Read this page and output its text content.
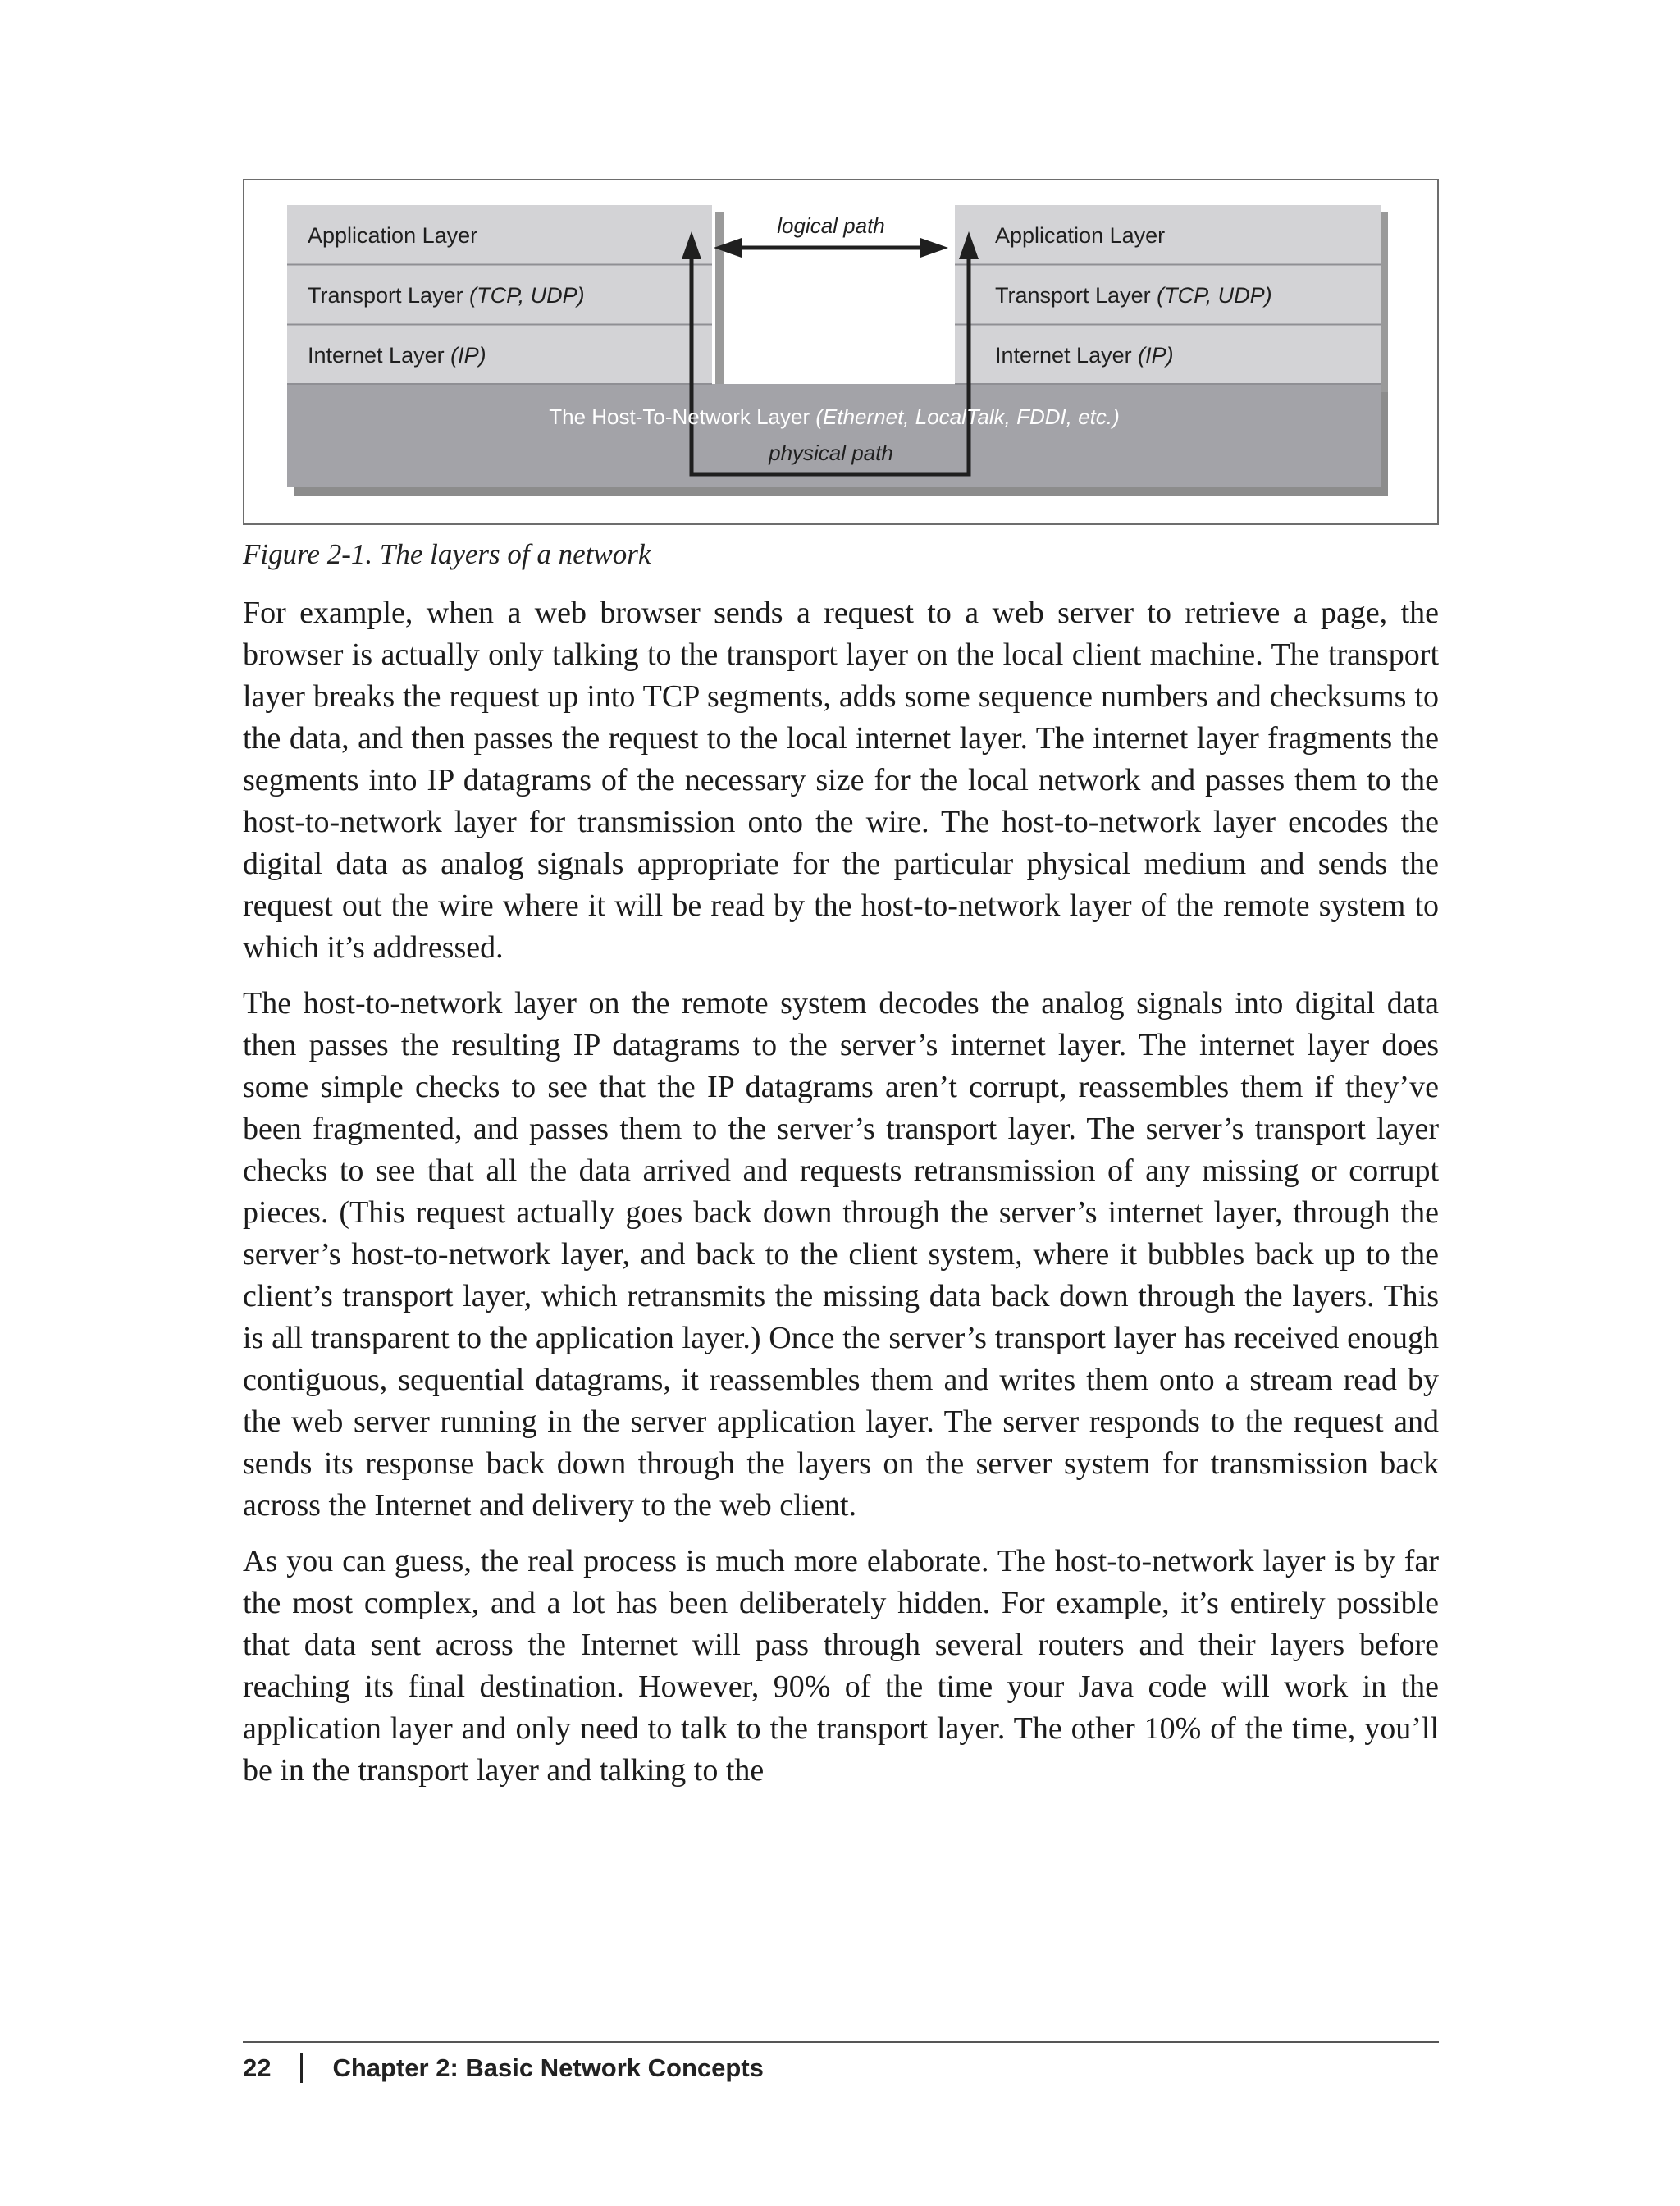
Application Layer
Transport Layer (TCP, UDP)
Internet Layer (IP)
Application Layer
Transport Layer (TCP, UDP)
Internet Layer (IP)
The Host-To-Network Layer (Ethernet, LocalTalk, FDDI, etc.)
logical path
physical path

Figure 2-1. The layers of a network

For example, when a web browser sends a request to a web server to retrieve a page, the browser is actually only talking to the transport layer on the local client machine. The transport layer breaks the request up into TCP segments, adds some sequence numbers and checksums to the data, and then passes the request to the local internet layer. The internet layer fragments the segments into IP datagrams of the necessary size for the local network and passes them to the host-to-network layer for transmission onto the wire. The host-to-network layer encodes the digital data as analog signals appropriate for the particular physical medium and sends the request out the wire where it will be read by the host-to-network layer of the remote system to which it’s addressed.

The host-to-network layer on the remote system decodes the analog signals into digital data then passes the resulting IP datagrams to the server’s internet layer. The internet layer does some simple checks to see that the IP datagrams aren’t corrupt, reassembles them if they’ve been fragmented, and passes them to the server’s transport layer. The server’s transport layer checks to see that all the data arrived and requests retransmission of any missing or corrupt pieces. (This request actually goes back down through the server’s internet layer, through the server’s host-to-network layer, and back to the client system, where it bubbles back up to the client’s transport layer, which retransmits the missing data back down through the layers. This is all transparent to the application layer.) Once the server’s transport layer has received enough contiguous, sequential datagrams, it reassembles them and writes them onto a stream read by the web server running in the server application layer. The server responds to the request and sends its response back down through the layers on the server system for transmission back across the Internet and delivery to the web client.

As you can guess, the real process is much more elaborate. The host-to-network layer is by far the most complex, and a lot has been deliberately hidden. For example, it’s entirely possible that data sent across the Internet will pass through several routers and their layers before reaching its final destination. However, 90% of the time your Java code will work in the application layer and only need to talk to the transport layer. The other 10% of the time, you’ll be in the transport layer and talking to the

22 Chapter 2: Basic Network Concepts
